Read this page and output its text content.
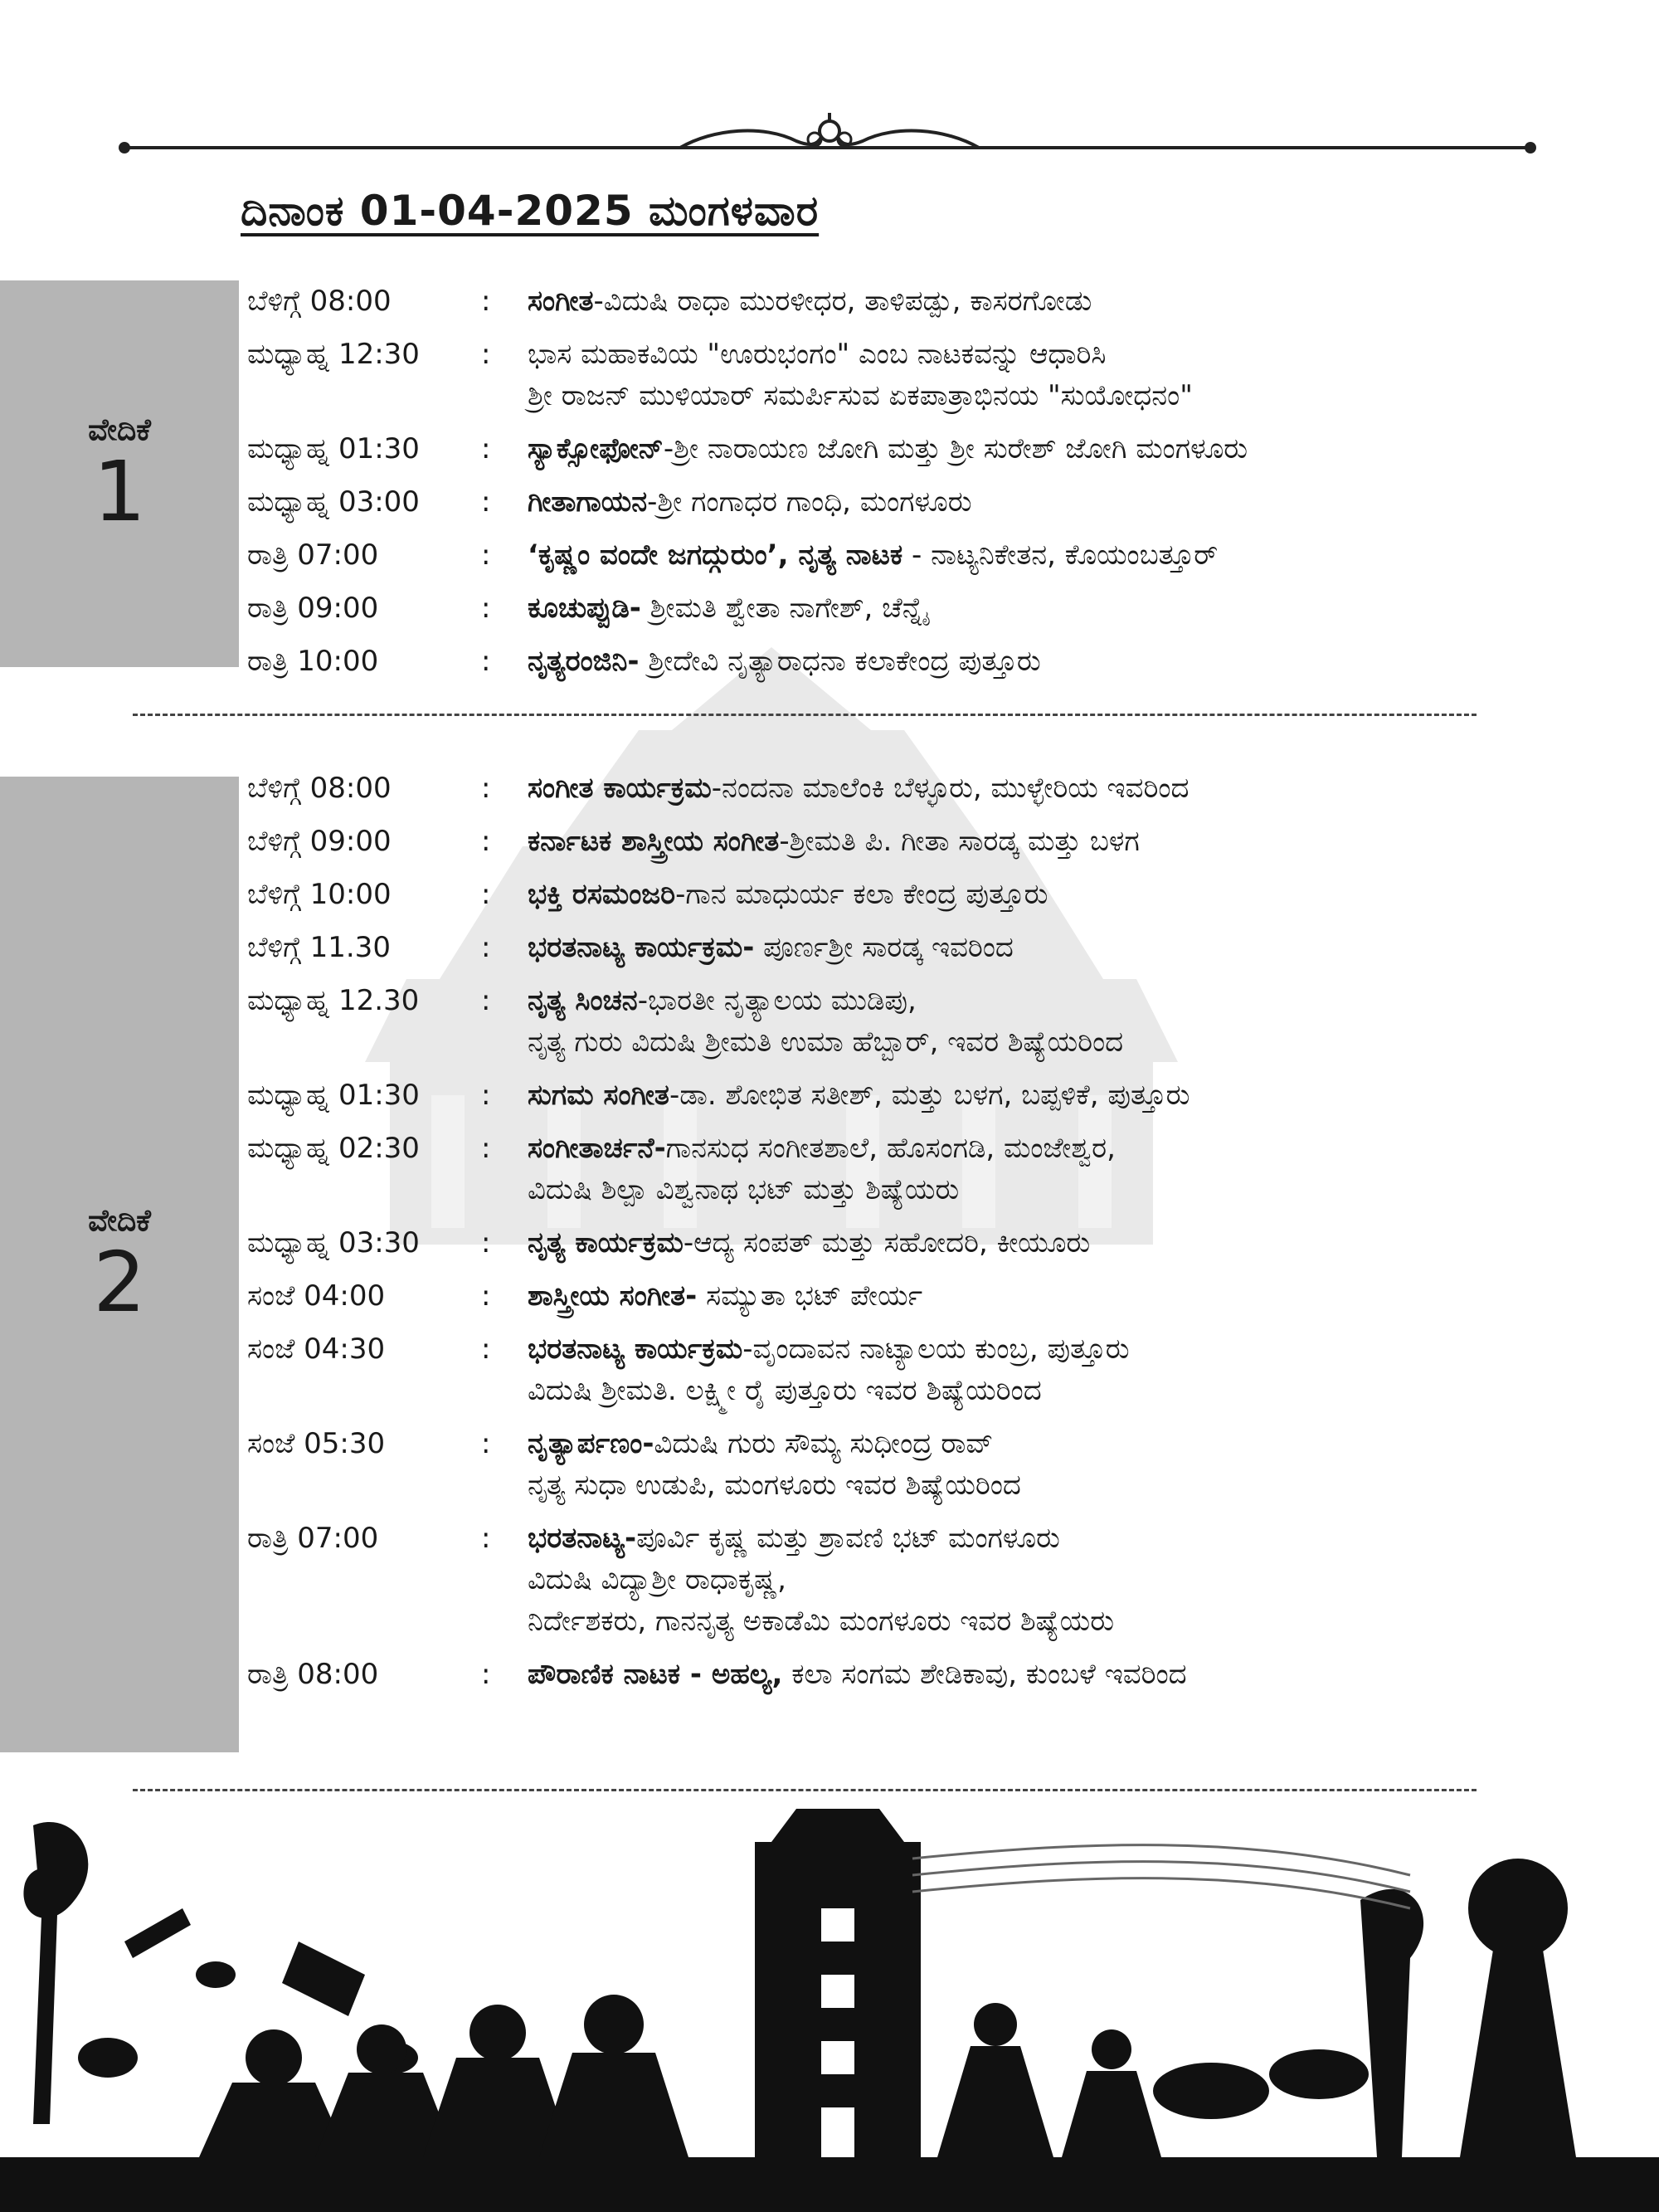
ದಿನಾಂಕ 01-04-2025 ಮಂಗಳವಾರ
ವೇದಿಕೆ
1
ಬೆಳಿಗ್ಗೆ 08:00	:	ಸಂಗೀತ-ವಿದುಷಿ ರಾಧಾ ಮುರಳೀಧರ, ತಾಳಿಪಡ್ಪು, ಕಾಸರಗೋಡು
ಮಧ್ಯಾಹ್ನ 12:30	:	ಭಾಸ ಮಹಾಕವಿಯ "ಊರುಭಂಗಂ" ಎಂಬ ನಾಟಕವನ್ನು ಆಧಾರಿಸಿ
ಶ್ರೀ ರಾಜನ್ ಮುಳಿಯಾರ್ ಸಮರ್ಪಿಸುವ ಏಕಪಾತ್ರಾಭಿನಯ "ಸುಯೋಧನಂ"
ಮಧ್ಯಾಹ್ನ 01:30	:	ಸ್ಯಾಕ್ಸೋಫೋನ್-ಶ್ರೀ ನಾರಾಯಣ ಜೋಗಿ ಮತ್ತು ಶ್ರೀ ಸುರೇಶ್ ಜೋಗಿ ಮಂಗಳೂರು
ಮಧ್ಯಾಹ್ನ 03:00	:	ಗೀತಾಗಾಯನ-ಶ್ರೀ ಗಂಗಾಧರ ಗಾಂಧಿ, ಮಂಗಳೂರು
ರಾತ್ರಿ 07:00	:	‘ಕೃಷ್ಣಂ ವಂದೇ ಜಗದ್ಗುರುಂ’, ನೃತ್ಯ ನಾಟಕ - ನಾಟ್ಯನಿಕೇತನ, ಕೊಯಂಬತ್ತೂರ್
ರಾತ್ರಿ 09:00	:	ಕೂಚುಪ್ಪುಡಿ- ಶ್ರೀಮತಿ ಶ್ವೇತಾ ನಾಗೇಶ್, ಚೆನ್ನೈ
ರಾತ್ರಿ 10:00	:	ನೃತ್ಯರಂಜಿನಿ- ಶ್ರೀದೇವಿ ನೃತ್ಯಾರಾಧನಾ ಕಲಾಕೇಂದ್ರ ಪುತ್ತೂರು
ವೇದಿಕೆ
2
ಬೆಳಿಗ್ಗೆ 08:00	:	ಸಂಗೀತ ಕಾರ್ಯಕ್ರಮ-ನಂದನಾ ಮಾಲೆಂಕಿ ಬೆಳ್ಳೂರು, ಮುಳ್ಳೇರಿಯ ಇವರಿಂದ
ಬೆಳಿಗ್ಗೆ 09:00	:	ಕರ್ನಾಟಕ ಶಾಸ್ತ್ರೀಯ ಸಂಗೀತ-ಶ್ರೀಮತಿ ಪಿ. ಗೀತಾ ಸಾರಡ್ಕ ಮತ್ತು ಬಳಗ
ಬೆಳಿಗ್ಗೆ 10:00	:	ಭಕ್ತಿ ರಸಮಂಜರಿ-ಗಾನ ಮಾಧುರ್ಯ ಕಲಾ ಕೇಂದ್ರ ಪುತ್ತೂರು
ಬೆಳಿಗ್ಗೆ 11.30	:	ಭರತನಾಟ್ಯ ಕಾರ್ಯಕ್ರಮ- ಪೂರ್ಣಶ್ರೀ ಸಾರಡ್ಕ ಇವರಿಂದ
ಮಧ್ಯಾಹ್ನ 12.30	:	ನೃತ್ಯ ಸಿಂಚನ-ಭಾರತೀ ನೃತ್ಯಾಲಯ ಮುಡಿಪು,
ನೃತ್ಯ ಗುರು ವಿದುಷಿ ಶ್ರೀಮತಿ ಉಮಾ ಹೆಬ್ಬಾರ್, ಇವರ ಶಿಷ್ಯೆಯರಿಂದ
ಮಧ್ಯಾಹ್ನ 01:30	:	ಸುಗಮ ಸಂಗೀತ-ಡಾ. ಶೋಭಿತ ಸತೀಶ್, ಮತ್ತು ಬಳಗ, ಬಪ್ಪಳಿಕೆ, ಪುತ್ತೂರು
ಮಧ್ಯಾಹ್ನ 02:30	:	ಸಂಗೀತಾರ್ಚನೆ-ಗಾನಸುಧ ಸಂಗೀತಶಾಲೆ, ಹೊಸಂಗಡಿ, ಮಂಜೇಶ್ವರ,
ವಿದುಷಿ ಶಿಲ್ಪಾ ವಿಶ್ವನಾಥ ಭಟ್ ಮತ್ತು ಶಿಷ್ಯೆಯರು
ಮಧ್ಯಾಹ್ನ 03:30	:	ನೃತ್ಯ ಕಾರ್ಯಕ್ರಮ-ಆದ್ಯ ಸಂಪತ್ ಮತ್ತು ಸಹೋದರಿ, ಕೀಯೂರು
ಸಂಜೆ 04:00	:	ಶಾಸ್ತ್ರೀಯ ಸಂಗೀತ- ಸಮ್ಯುತಾ ಭಟ್ ಪೇರ್ಯ
ಸಂಜೆ 04:30	:	ಭರತನಾಟ್ಯ ಕಾರ್ಯಕ್ರಮ-ವೃಂದಾವನ ನಾಟ್ಯಾಲಯ ಕುಂಬ್ರ, ಪುತ್ತೂರು
ವಿದುಷಿ ಶ್ರೀಮತಿ. ಲಕ್ಷ್ಮೀ ರೈ ಪುತ್ತೂರು ಇವರ ಶಿಷ್ಯೆಯರಿಂದ
ಸಂಜೆ 05:30	:	ನೃತ್ಯಾರ್ಪಣಂ-ವಿದುಷಿ ಗುರು ಸೌಮ್ಯ ಸುಧೀಂದ್ರ ರಾವ್
ನೃತ್ಯ ಸುಧಾ ಉಡುಪಿ, ಮಂಗಳೂರು ಇವರ ಶಿಷ್ಯೆಯರಿಂದ
ರಾತ್ರಿ 07:00	:	ಭರತನಾಟ್ಯ-ಪೂರ್ವಿ ಕೃಷ್ಣ ಮತ್ತು ಶ್ರಾವಣಿ ಭಟ್ ಮಂಗಳೂರು
ವಿದುಷಿ ವಿದ್ಯಾಶ್ರೀ ರಾಧಾಕೃಷ್ಣ,
ನಿರ್ದೇಶಕರು, ಗಾನನೃತ್ಯ ಅಕಾಡೆಮಿ ಮಂಗಳೂರು ಇವರ ಶಿಷ್ಯೆಯರು
ರಾತ್ರಿ 08:00	:	ಪೌರಾಣಿಕ ನಾಟಕ - ಅಹಲ್ಯ, ಕಲಾ ಸಂಗಮ ಶೇಡಿಕಾವು, ಕುಂಬಳೆ ಇವರಿಂದ
